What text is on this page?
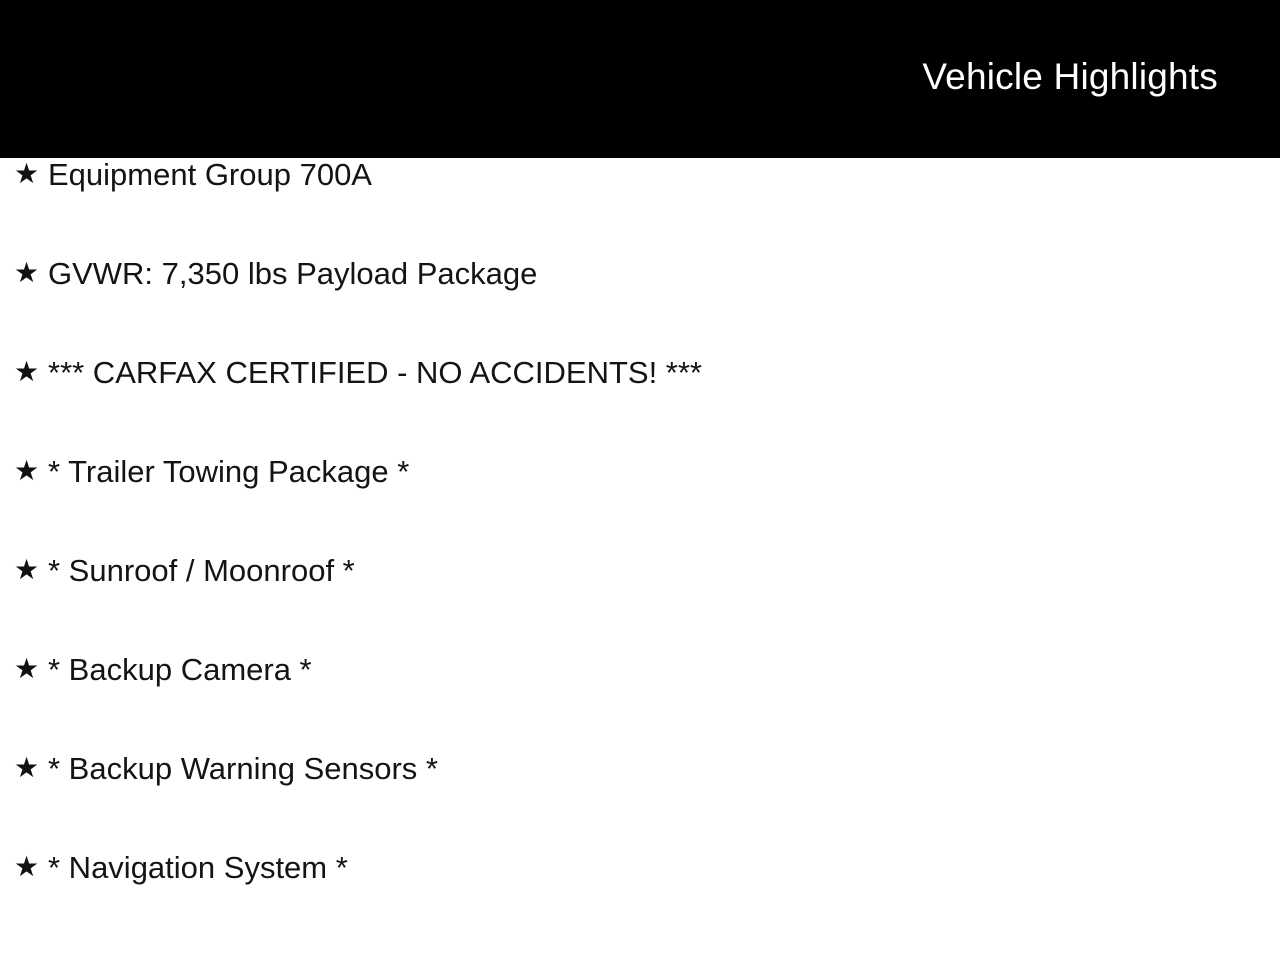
Vehicle Highlights
★ Equipment Group 700A
★ GVWR: 7,350 lbs Payload Package
★ *** CARFAX CERTIFIED - NO ACCIDENTS! ***
★ * Trailer Towing Package *
★ * Sunroof / Moonroof *
★ * Backup Camera *
★ * Backup Warning Sensors *
★ * Navigation System *
